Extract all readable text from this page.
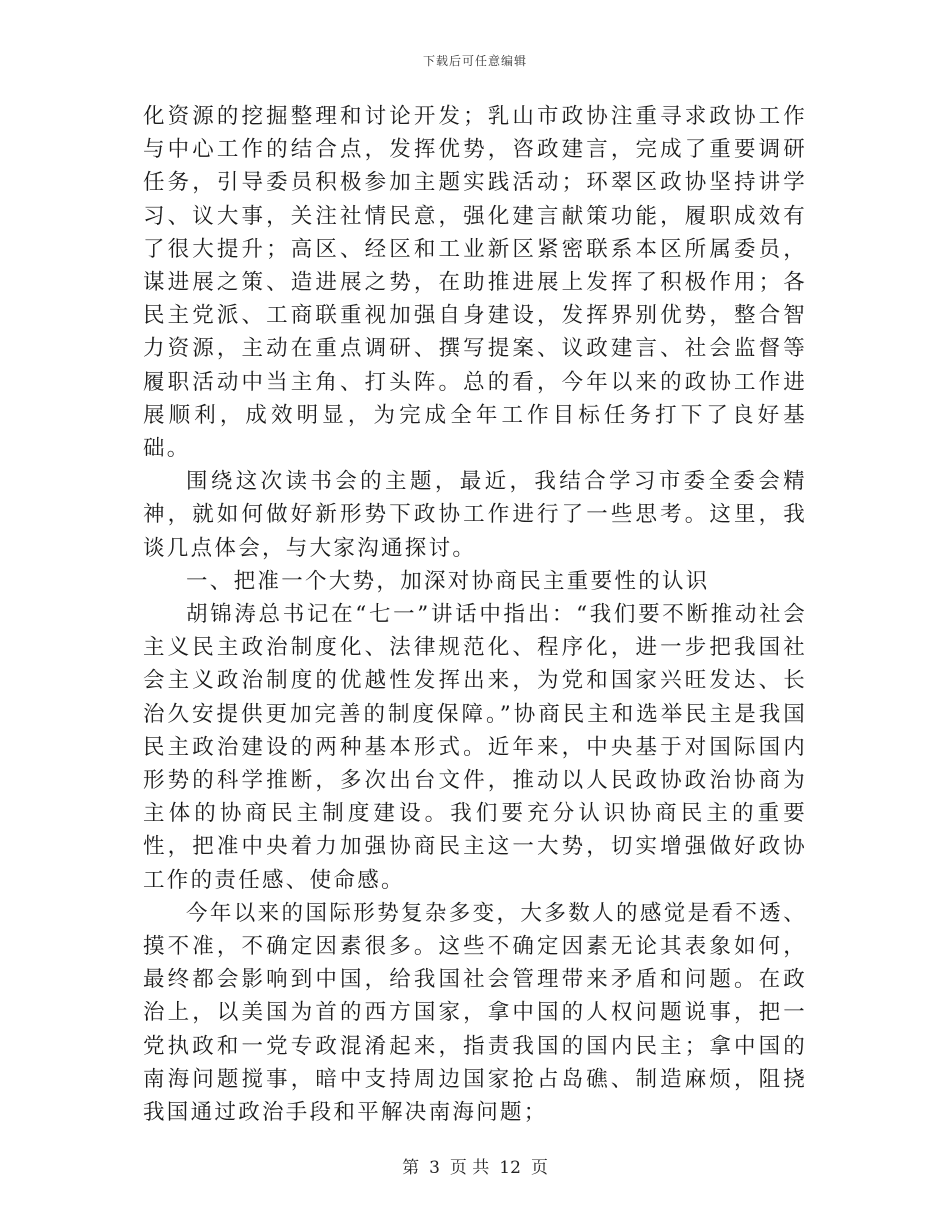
下载后可任意编辑

化资源的挖掘整理和讨论开发；乳山市政协注重寻求政协工作与中心工作的结合点，发挥优势，咨政建言，完成了重要调研任务，引导委员积极参加主题实践活动；环翠区政协坚持讲学习、议大事，关注社情民意，强化建言献策功能，履职成效有了很大提升；高区、经区和工业新区紧密联系本区所属委员，谋进展之策、造进展之势，在助推进展上发挥了积极作用；各民主党派、工商联重视加强自身建设，发挥界别优势，整合智力资源，主动在重点调研、撰写提案、议政建言、社会监督等履职活动中当主角、打头阵。总的看，今年以来的政协工作进展顺利，成效明显，为完成全年工作目标任务打下了良好基础。

围绕这次读书会的主题，最近，我结合学习市委全委会精神，就如何做好新形势下政协工作进行了一些思考。这里，我谈几点体会，与大家沟通探讨。

一、把准一个大势，加深对协商民主重要性的认识

胡锦涛总书记在“七一”讲话中指出：“我们要不断推动社会主义民主政治制度化、法律规范化、程序化，进一步把我国社会主义政治制度的优越性发挥出来，为党和国家兴旺发达、长治久安提供更加完善的制度保障。”协商民主和选举民主是我国民主政治建设的两种基本形式。近年来，中央基于对国际国内形势的科学推断，多次出台文件，推动以人民政协政治协商为主体的协商民主制度建设。我们要充分认识协商民主的重要性，把准中央着力加强协商民主这一大势，切实增强做好政协工作的责任感、使命感。

今年以来的国际形势复杂多变，大多数人的感觉是看不透、摸不准，不确定因素很多。这些不确定因素无论其表象如何，最终都会影响到中国，给我国社会管理带来矛盾和问题。在政治上，以美国为首的西方国家，拿中国的人权问题说事，把一党执政和一党专政混淆起来，指责我国的国内民主；拿中国的南海问题搅事，暗中支持周边国家抢占岛礁、制造麻烦，阻挠我国通过政治手段和平解决南海问题；

第 3 页 共 12 页
